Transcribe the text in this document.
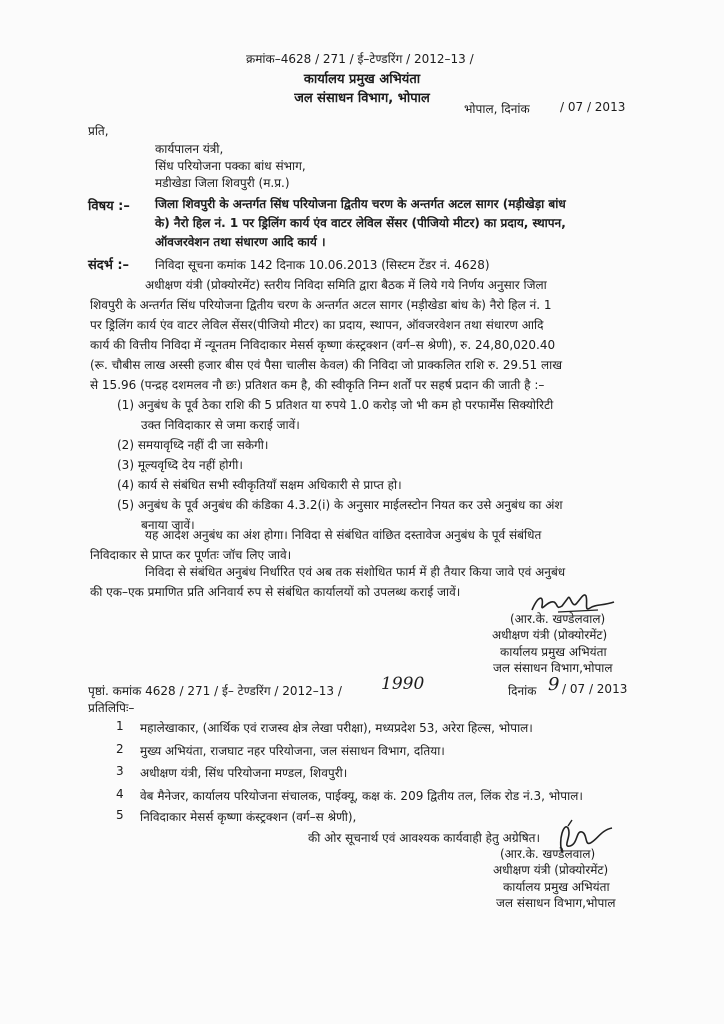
क्रमांक–4628 / 271 / ई–टेण्डरिंग / 2012–13 /
कार्यालय प्रमुख अभियंता
जल संसाधन विभाग, भोपाल
भोपाल, दिनांक	/ 07 / 2013
प्रति,
कार्यपालन यंत्री,
सिंध परियोजना पक्का बांध संभाग,
मडीखेडा जिला शिवपुरी (म.प्र.)
विषय :– जिला शिवपुरी के अन्तर्गत सिंध परियोजना द्वितीय चरण के अन्तर्गत अटल सागर (मड़ीखेड़ा बांध
के) नैरो हिल नं. 1 पर ड्रिलिंग कार्य एंव वाटर लेविल सेंसर (पीजियो मीटर) का प्रदाय, स्थापन,
ऑवजरवेशन तथा संधारण आदि कार्य ।
संदर्भ :– निविदा सूचना कमांक 142 दिनाक 10.06.2013 (सिस्टम टेंडर नं. 4628)
अधीक्षण यंत्री (प्रोक्योरमेंट) स्तरीय निविदा समिति द्वारा बैठक में लिये गये निर्णय अनुसार जिला
शिवपुरी के अन्तर्गत सिंध परियोजना द्वितीय चरण के अन्तर्गत अटल सागर (मड़ीखेडा बांध के) नैरो हिल नं. 1
पर ड्रिलिंग कार्य एंव वाटर लेविल सेंसर(पीजियो मीटर) का प्रदाय, स्थापन, ऑवजरवेशन तथा संधारण आदि
कार्य की वित्तीय निविदा में न्यूनतम निविदाकार मेसर्स कृष्णा कंस्ट्रक्शन (वर्ग–स श्रेणी), रु. 24,80,020.40
(रू. चौबीस लाख अस्सी हजार बीस एवं पैसा चालीस केवल) की निविदा जो प्राक्कलित राशि रु. 29.51 लाख
से 15.96 (पन्द्रह दशमलव नौ छः) प्रतिशत कम है, की स्वीकृति निम्न शर्तों पर सहर्ष प्रदान की जाती है :–
(1) अनुबंध के पूर्व ठेका राशि की 5 प्रतिशत या रुपये 1.0 करोड़ जो भी कम हो परफार्मेंस सिक्योरिटी
उक्त निविदाकार से जमा कराई जावें।
(2) समयावृध्दि नहीं दी जा सकेगी।
(3) मूल्यवृध्दि देय नहीं होगी।
(4) कार्य से संबंधित सभी स्वीकृतियाँ सक्षम अधिकारी से प्राप्त हो।
(5) अनुबंध के पूर्व अनुबंध की कंडिका 4.3.2(i) के अनुसार माईलस्टोन नियत कर उसे अनुबंध का अंश
बनाया जावें।
यह आदेश अनुबंध का अंश होगा। निविदा से संबंधित वांछित दस्तावेज अनुबंध के पूर्व संबंधित
निविदाकार से प्राप्त कर पूर्णतः जॉच लिए जावे।
निविदा से संबंधित अनुबंध निर्धारित एवं अब तक संशोधित फार्म में ही तैयार किया जावे एवं अनुबंध
की एक–एक प्रमाणित प्रति अनिवार्य रुप से संबंधित कार्यालयों को उपलब्ध कराई जावें।
(आर.के. खण्डेलवाल)
अधीक्षण यंत्री (प्रोक्योरमेंट)
कार्यालय प्रमुख अभियंता
जल संसाधन विभाग,भोपाल
पृष्ठां. कमांक 4628 / 271 / ई– टेण्डरिंग / 2012–13 / 1990	दिनांक 9 / 07 / 2013
प्रतिलिपिः–
1 महालेखाकार, (आर्थिक एवं राजस्व क्षेत्र लेखा परीक्षा), मध्यप्रदेश 53, अरेरा हिल्स, भोपाल।
2 मुख्य अभियंता, राजघाट नहर परियोजना, जल संसाधन विभाग, दतिया।
3 अधीक्षण यंत्री, सिंध परियोजना मण्डल, शिवपुरी।
4 वेब मैनेजर, कार्यालय परियोजना संचालक, पाईक्यू, कक्ष कं. 209 द्वितीय तल, लिंक रोड नं.3, भोपाल।
5 निविदाकार मेसर्स कृष्णा कंस्ट्रक्शन (वर्ग–स श्रेणी),
की ओर सूचनार्थ एवं आवश्यक कार्यवाही हेतु अग्रेषित।
(आर.के. खण्डेलवाल)
अधीक्षण यंत्री (प्रोक्योरमेंट)
कार्यालय प्रमुख अभियंता
जल संसाधन विभाग,भोपाल
